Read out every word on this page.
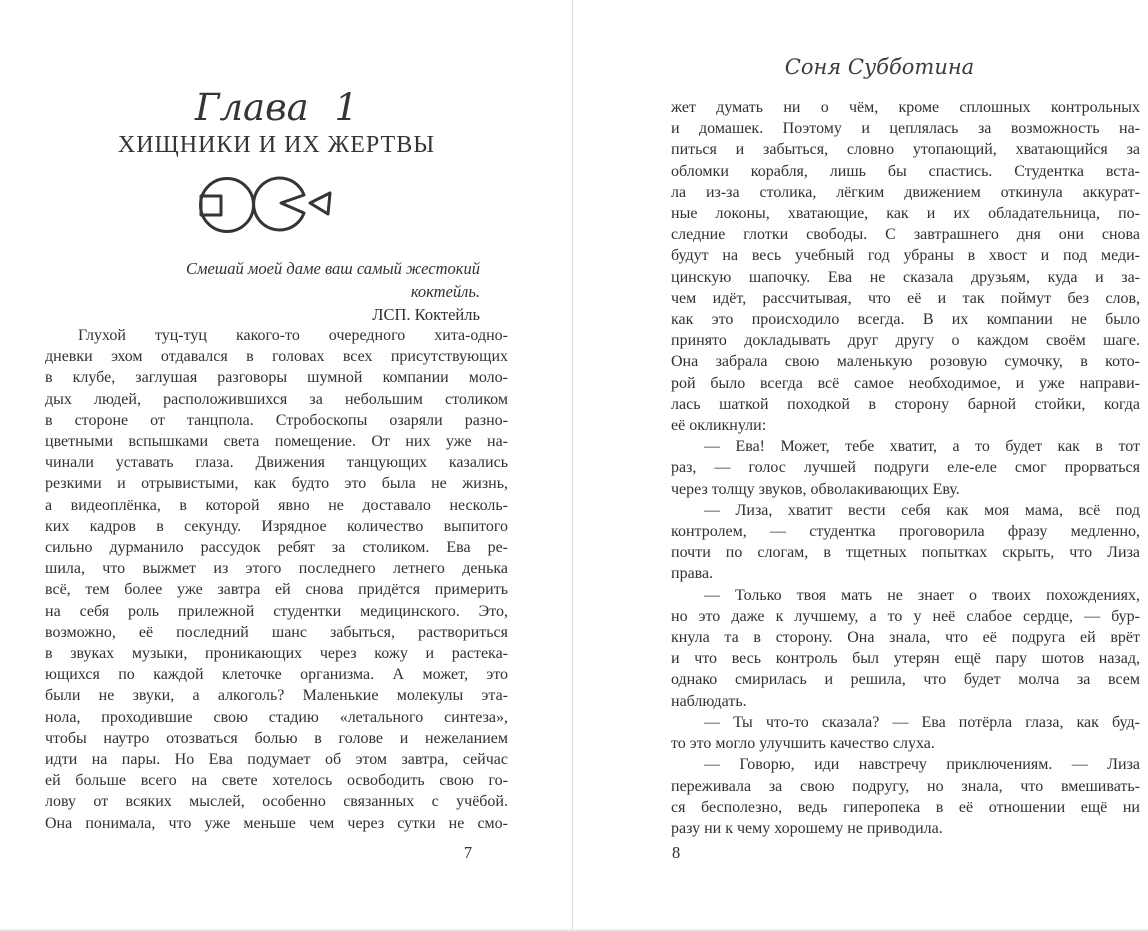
Глава 1
ХИЩНИКИ И ИХ ЖЕРТВЫ
Смешай моей даме ваш самый жестокий коктейль.
ЛСП. Коктейль
Глухой туц-туц какого-то очередного хита-одно-
дневки эхом отдавался в головах всех присутствующих
в клубе, заглушая разговоры шумной компании моло-
дых людей, расположившихся за небольшим столиком
в стороне от танцпола. Стробоскопы озаряли разно-
цветными вспышками света помещение. От них уже на-
чинали уставать глаза. Движения танцующих казались
резкими и отрывистыми, как будто это была не жизнь,
а видеоплёнка, в которой явно не доставало несколь-
ких кадров в секунду. Изрядное количество выпитого
сильно дурманило рассудок ребят за столиком. Ева ре-
шила, что выжмет из этого последнего летнего денька
всё, тем более уже завтра ей снова придётся примерить
на себя роль прилежной студентки медицинского. Это,
возможно, её последний шанс забыться, раствориться
в звуках музыки, проникающих через кожу и растека-
ющихся по каждой клеточке организма. А может, это
были не звуки, а алкоголь? Маленькие молекулы эта-
нола, проходившие свою стадию «летального синтеза»,
чтобы наутро отозваться болью в голове и нежеланием
идти на пары. Но Ева подумает об этом завтра, сейчас
ей больше всего на свете хотелось освободить свою го-
лову от всяких мыслей, особенно связанных с учёбой.
Она понимала, что уже меньше чем через сутки не смо-
7
Соня Субботина
жет думать ни о чём, кроме сплошных контрольных
и домашек. Поэтому и цеплялась за возможность на-
питься и забыться, словно утопающий, хватающийся за
обломки корабля, лишь бы спастись. Студентка вста-
ла из-за столика, лёгким движением откинула аккурат-
ные локоны, хватающие, как и их обладательница, по-
следние глотки свободы. С завтрашнего дня они снова
будут на весь учебный год убраны в хвост и под меди-
цинскую шапочку. Ева не сказала друзьям, куда и за-
чем идёт, рассчитывая, что её и так поймут без слов,
как это происходило всегда. В их компании не было
принято докладывать друг другу о каждом своём шаге.
Она забрала свою маленькую розовую сумочку, в кото-
рой было всегда всё самое необходимое, и уже направи-
лась шаткой походкой в сторону барной стойки, когда
её окликнули:
— Ева! Может, тебе хватит, а то будет как в тот
раз, — голос лучшей подруги еле-еле смог прорваться
через толщу звуков, обволакивающих Еву.
— Лиза, хватит вести себя как моя мама, всё под
контролем, — студентка проговорила фразу медленно,
почти по слогам, в тщетных попытках скрыть, что Лиза
права.
— Только твоя мать не знает о твоих похождениях,
но это даже к лучшему, а то у неё слабое сердце, — бур-
кнула та в сторону. Она знала, что её подруга ей врёт
и что весь контроль был утерян ещё пару шотов назад,
однако смирилась и решила, что будет молча за всем
наблюдать.
— Ты что-то сказала? — Ева потёрла глаза, как буд-
то это могло улучшить качество слуха.
— Говорю, иди навстречу приключениям. — Лиза
переживала за свою подругу, но знала, что вмешивать-
ся бесполезно, ведь гиперопека в её отношении ещё ни
разу ни к чему хорошему не приводила.
8
